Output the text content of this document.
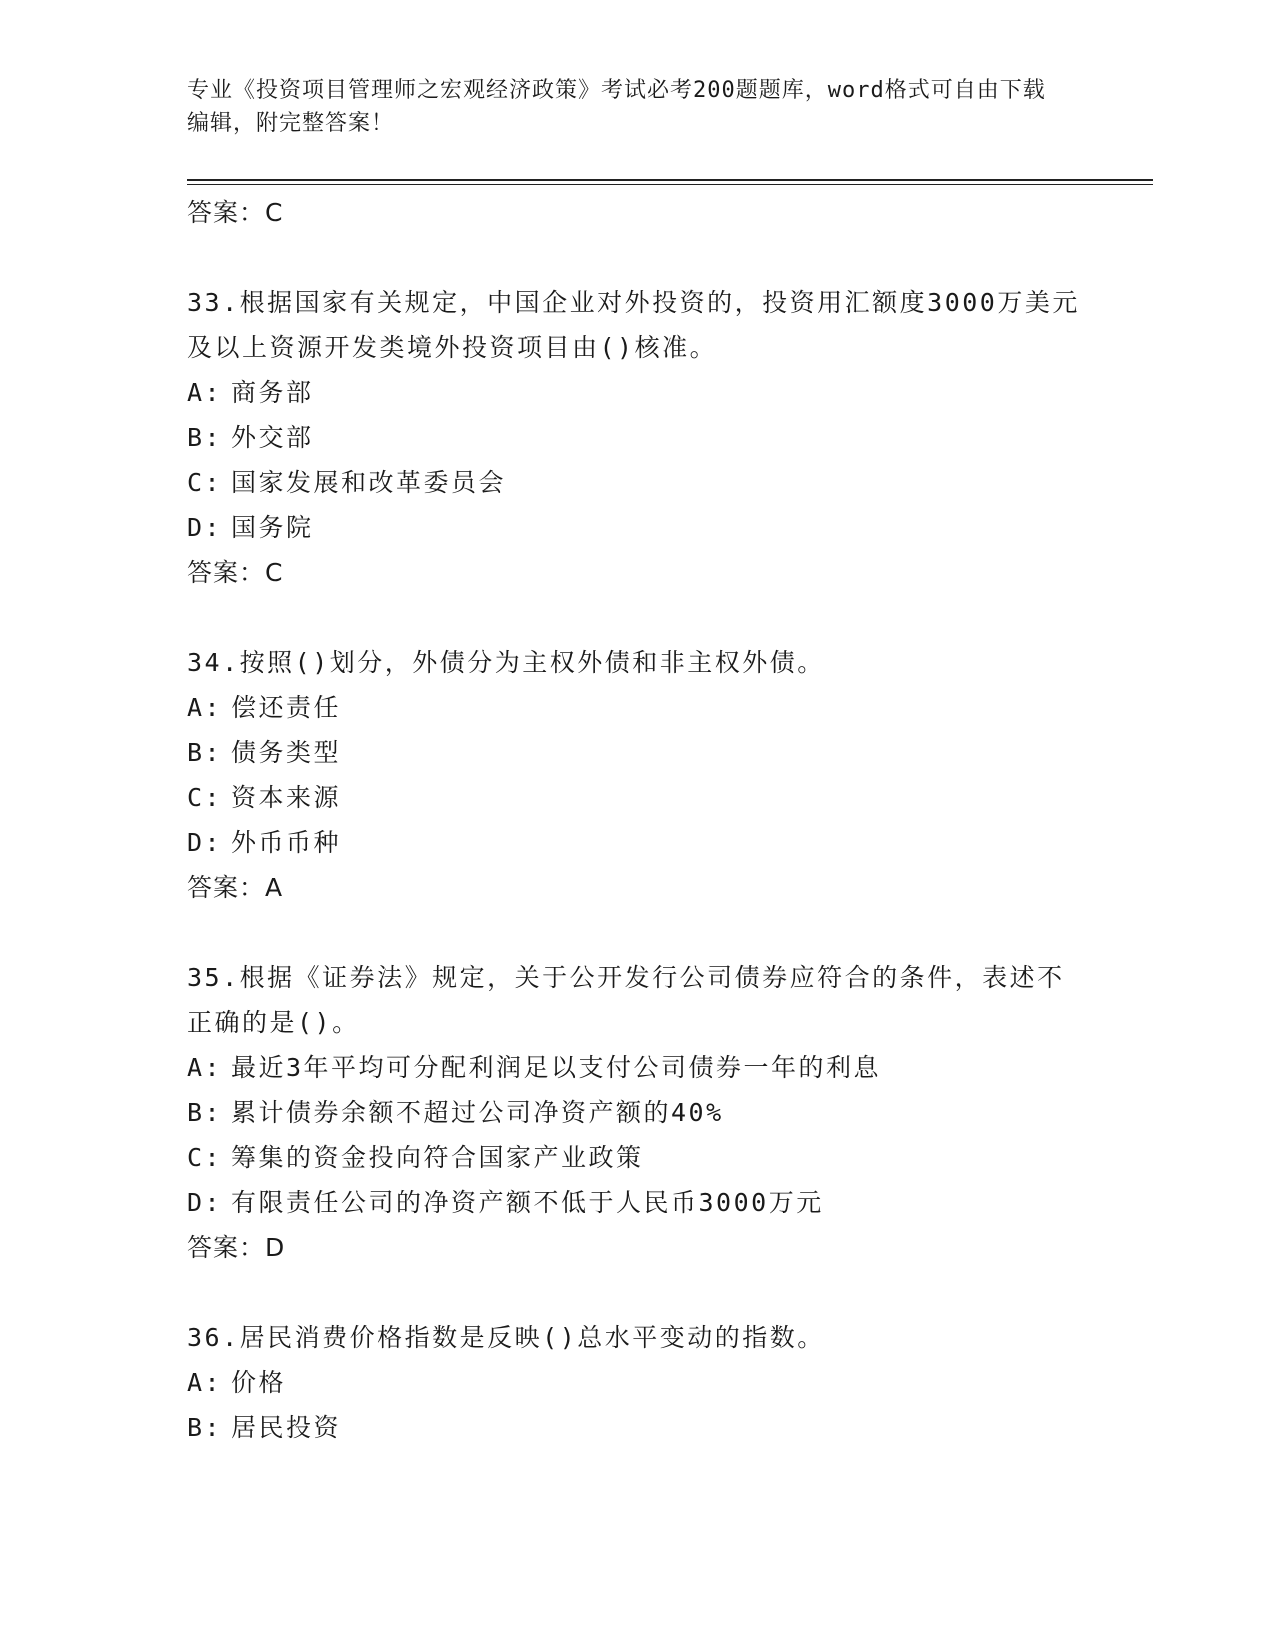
专业《投资项目管理师之宏观经济政策》考试必考200题题库，word格式可自由下载编辑，附完整答案！
答案：C
33.根据国家有关规定，中国企业对外投资的，投资用汇额度3000万美元及以上资源开发类境外投资项目由()核准。
A: 商务部
B: 外交部
C: 国家发展和改革委员会
D: 国务院
答案：C
34.按照()划分，外债分为主权外债和非主权外债。
A: 偿还责任
B: 债务类型
C: 资本来源
D: 外币币种
答案：A
35.根据《证券法》规定，关于公开发行公司债券应符合的条件，表述不正确的是()。
A: 最近3年平均可分配利润足以支付公司债券一年的利息
B: 累计债券余额不超过公司净资产额的40%
C: 筹集的资金投向符合国家产业政策
D: 有限责任公司的净资产额不低于人民币3000万元
答案：D
36.居民消费价格指数是反映()总水平变动的指数。
A: 价格
B: 居民投资
